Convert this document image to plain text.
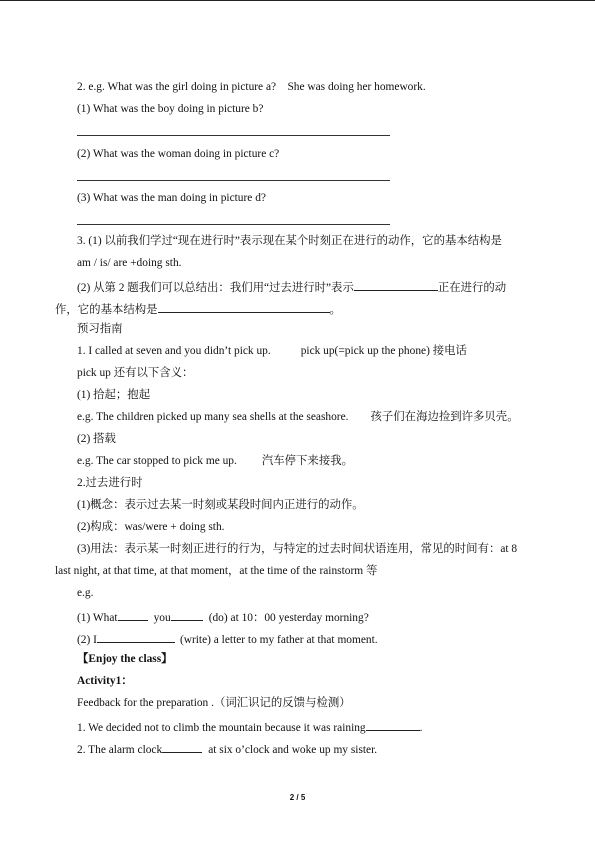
2. e.g. What was the girl doing in picture a?    She was doing her homework.
(1) What was the boy doing in picture b?
(2) What was the woman doing in picture c?
(3) What was the man doing in picture d?
3. (1) 以前我们学过“现在进行时”表示现在某个时刻正在进行的动作，它的基本结构是
am / is/ are +doing sth.
(2) 从第 2 题我们可以总结出：我们用“过去进行时”表示	正在进行的动
作，它的基本结构是	。
预习指南
1. I called at seven and you didn’t pick up.	pick up(=pick up the phone) 接电话
pick up 还有以下含义：
(1) 拾起；抱起
e.g. The children picked up many sea shells at the seashore. 孩子们在海边捡到许多贝壳。
(2) 搭载
e.g. The car stopped to pick me up. 汽车停下来接我。
2.过去进行时
(1)概念：表示过去某一时刻或某段时间内正进行的动作。
(2)构成：was/were + doing sth.
(3)用法：表示某一时刻正进行的行为，与特定的过去时间状语连用，常见的时间有：at 8
last night, at that time, at that moment，at the time of the rainstorm 等
e.g.
(1) What	you	(do) at 10：00 yesterday morning?
(2) I	(write) a letter to my father at that moment.
【Enjoy the class】
Activity1：
Feedback for the preparation .（词汇识记的反馈与检测）
1. We decided not to climb the mountain because it was raining	.
2. The alarm clock	at six o’clock and woke up my sister.
2 / 5
